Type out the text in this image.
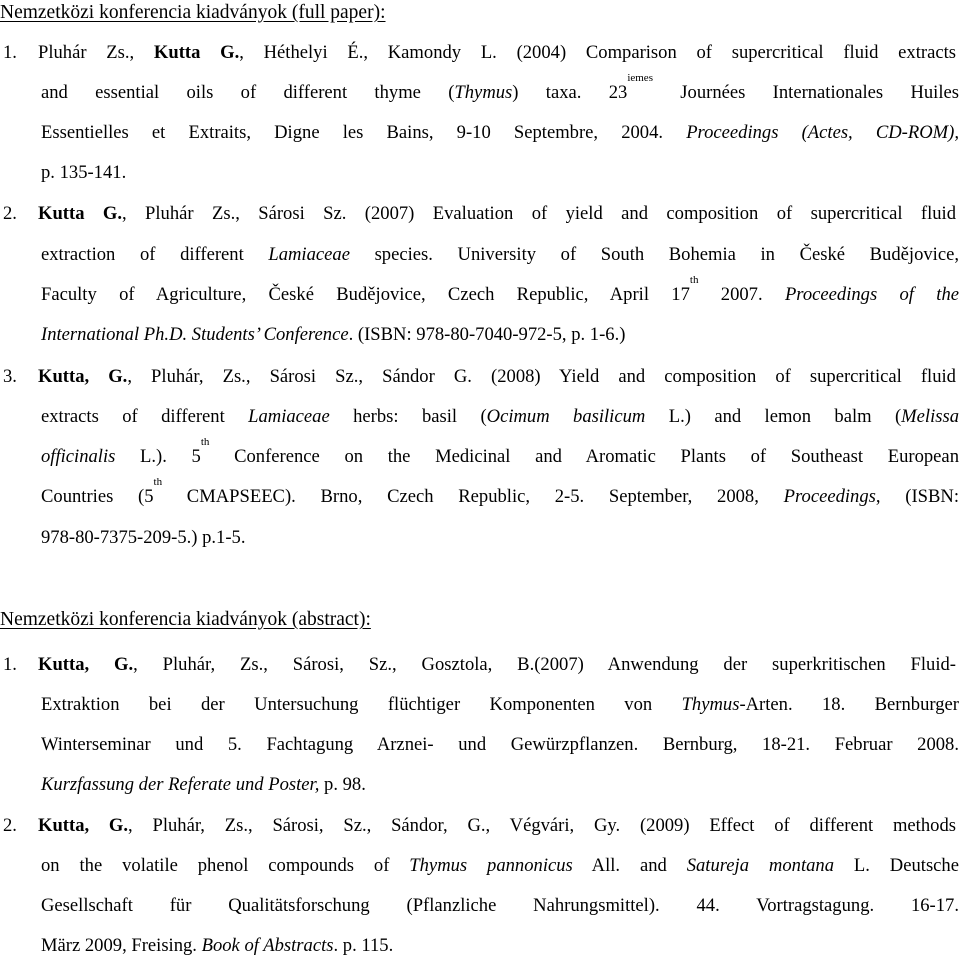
Nemzetközi konferencia kiadványok (full paper):
1. Pluhár Zs., Kutta G., Héthelyi É., Kamondy L. (2004) Comparison of supercritical fluid extracts
and essential oils of different thyme (Thymus) taxa. $23^{iemes}$ Journées Internationales Huiles
Essentielles et Extraits, Digne les Bains, 9-10 Septembre, 2004. Proceedings (Actes, CD-ROM),
p. 135-141.
2. Kutta G., Pluhár Zs., Sárosi Sz. (2007) Evaluation of yield and composition of supercritical fluid
extraction of different Lamiaceae species. University of South Bohemia in České Budějovice,
Faculty of Agriculture, České Budějovice, Czech Republic, April 17th 2007. Proceedings of the
International Ph.D. Students’ Conference. (ISBN: 978-80-7040-972-5, p. 1-6.)
3. Kutta, G., Pluhár, Zs., Sárosi Sz., Sándor G. (2008) Yield and composition of supercritical fluid
extracts of different Lamiaceae herbs: basil (Ocimum basilicum L.) and lemon balm (Melissa
officinalis L.). 5th Conference on the Medicinal and Aromatic Plants of Southeast European
Countries (5th CMAPSEEC). Brno, Czech Republic, 2-5. September, 2008, Proceedings, (ISBN:
978-80-7375-209-5.) p.1-5.
Nemzetközi konferencia kiadványok (abstract):
1. Kutta, G., Pluhár, Zs., Sárosi, Sz., Gosztola, B.(2007) Anwendung der superkritischen Fluid-
Extraktion bei der Untersuchung flüchtiger Komponenten von Thymus-Arten. 18. Bernburger
Winterseminar und 5. Fachtagung Arznei- und Gewürzpflanzen. Bernburg, 18-21. Februar 2008.
Kurzfassung der Referate und Poster, p. 98.
2. Kutta, G., Pluhár, Zs., Sárosi, Sz., Sándor, G., Végvári, Gy. (2009) Effect of different methods
on the volatile phenol compounds of Thymus pannonicus All. and Satureja montana L. Deutsche
Gesellschaft für Qualitätsforschung (Pflanzliche Nahrungsmittel). 44. Vortragstagung. 16-17.
März 2009, Freising. Book of Abstracts. p. 115.
